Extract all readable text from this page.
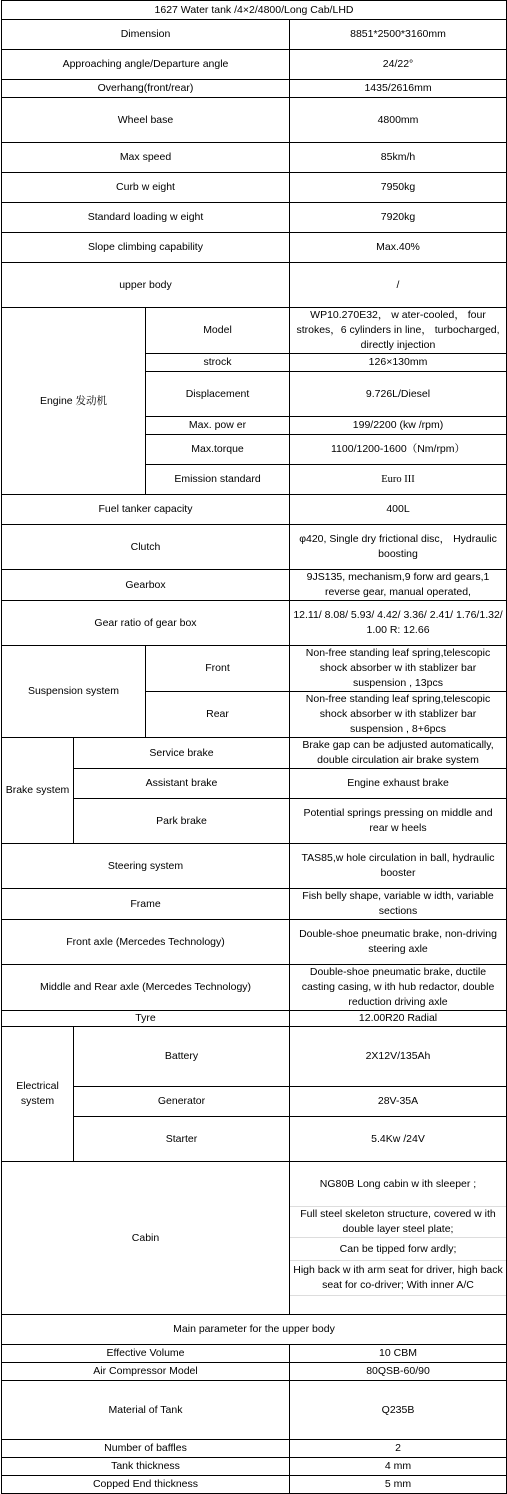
1627 Water tank /4×2/4800/Long Cab/LHD			
Dimension			8851*2500*3160mm
Approaching angle/Departure angle			24/22°
Overhang(front/rear)			1435/2616mm
Wheel base			4800mm
Max speed			85km/h
Curb w eight			7950kg
Standard loading w eight			7920kg
Slope climbing capability			Max.40%
upper body			/
Engine 发动机		Model	WP10.270E32， w ater-cooled， four strokes，6 cylinders in line， turbocharged, directly injection
		strock	126×130mm
		Displacement	9.726L/Diesel
		Max. pow er	199/2200 (kw /rpm)
		Max.torque	1100/1200-1600（Nm/rpm）
		Emission standard	Euro III
Fuel tanker capacity			400L
Clutch			φ420, Single dry frictional disc， Hydraulic boosting
Gearbox			9JS135, mechanism,9 forw ard gears,1 reverse gear, manual operated,
Gear ratio of gear box			12.11/ 8.08/ 5.93/ 4.42/ 3.36/ 2.41/ 1.76/1.32/ 1.00 R: 12.66
Suspension system		Front	Non-free standing leaf spring,telescopic shock absorber w ith stablizer bar suspension , 13pcs
		Rear	Non-free standing leaf spring,telescopic shock absorber w ith stablizer bar suspension , 8+6pcs
Brake system	Service brake		Brake gap can be adjusted automatically, double circulation air brake system
	Assistant brake		Engine exhaust brake
	Park brake		Potential springs pressing on middle and rear w heels
Steering system			TAS85,w hole circulation in ball, hydraulic booster
Frame			Fish belly shape, variable w idth, variable sections
Front axle (Mercedes Technology)			Double-shoe pneumatic brake, non-driving steering axle
Middle and Rear axle (Mercedes Technology)			Double-shoe pneumatic brake, ductile casting casing, w ith hub redactor, double reduction driving axle
Tyre			12.00R20 Radial
Electrical system	Battery		2X12V/135Ah
	Generator		28V-35A
	Starter		5.4Kw /24V
Cabin			NG80B Long cabin w ith sleeper ;
Full steel skeleton structure, covered w ith double layer steel plate;
Can be tipped forw ardly;
High back w ith arm seat for driver, high back seat for co-driver; With inner A/C

Main parameter for the upper body			
Effective Volume			10 CBM
Air Compressor Model			80QSB-60/90
Material of Tank			Q235B
Number of baffles			2
Tank thickness			4 mm
Copped End thickness			5 mm
